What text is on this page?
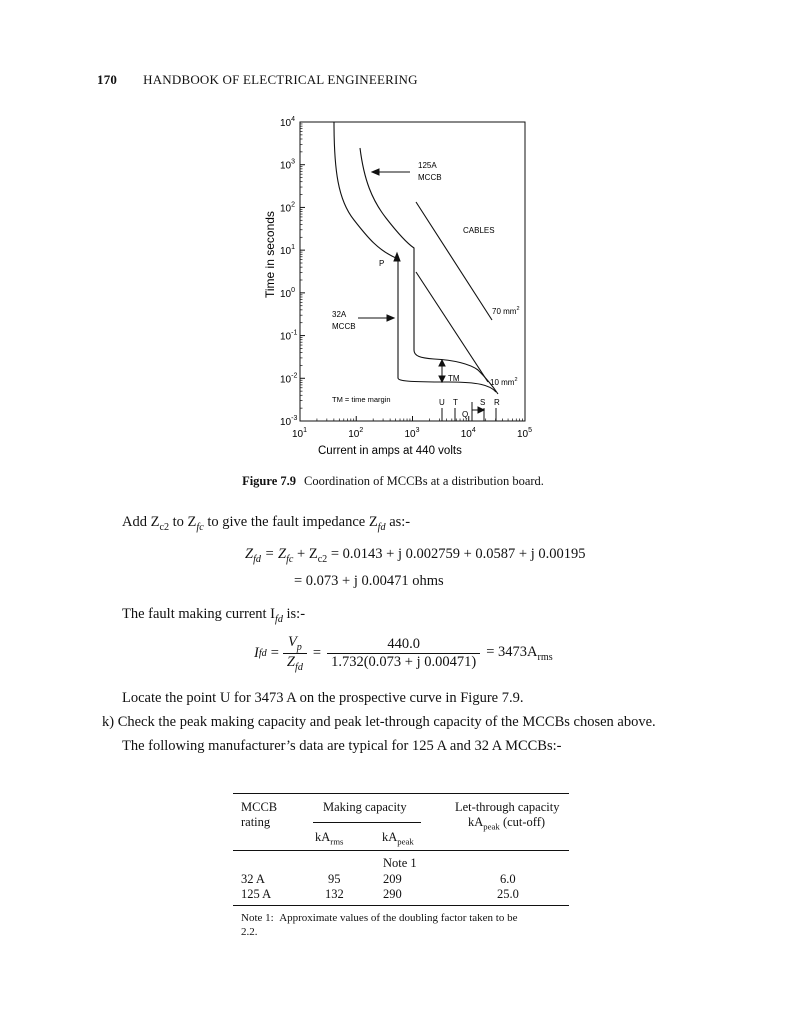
170 HANDBOOK OF ELECTRICAL ENGINEERING
$10^4$
$10^3$
$10^2$
$10^1$
$10^0$
$10^{-1}$
$10^{-2}$
$10^{-3}$
$10^1$	$10^2$	$10^3$	$10^4$	$10^5$
Time in seconds
Current in amps at 440 volts
125A
MCCB
CABLES
P
32A
MCCB
70 $mm^2$
TM	10 $mm^2$
TM = time margin	U T
Q
S R
Figure 7.9 Coordination of MCCBs at a distribution board.
Add $Z_{c2}$ to $Z_{fc}$ to give the fault impedance $Z_{fd}$ as:-
$Z_{fd} = Z_{fc} + Z_{c2} = 0.0143 + j$ 0.002759 + 0.0587 + j 0.00195
= 0.073 + j 0.00471 ohms
The fault making current $I_{fd}$ is:-
I fd = $\frac{V_p}{Z_{fd}} = \frac{440.0}{1.732(0.073 + j 0.00471)} = 3473A_{rms}$
Locate the point U for 3473 A on the prospective curve in Figure 7.9.
k) Check the peak making capacity and peak let-through capacity of the MCCBs chosen above.
The following manufacturer’s data are typical for 125 A and 32 A MCCBs:-
MCCB
rating
Making capacity	Let-through capacity
$kA_{peak}$ (cut-off)
$kA_{rms}$	$kA_{peak}$
Note 1
32 A	95	209	6.0
125 A	132	290	25.0
Note 1: Approximate values of the doubling factor taken to be
2.2.
